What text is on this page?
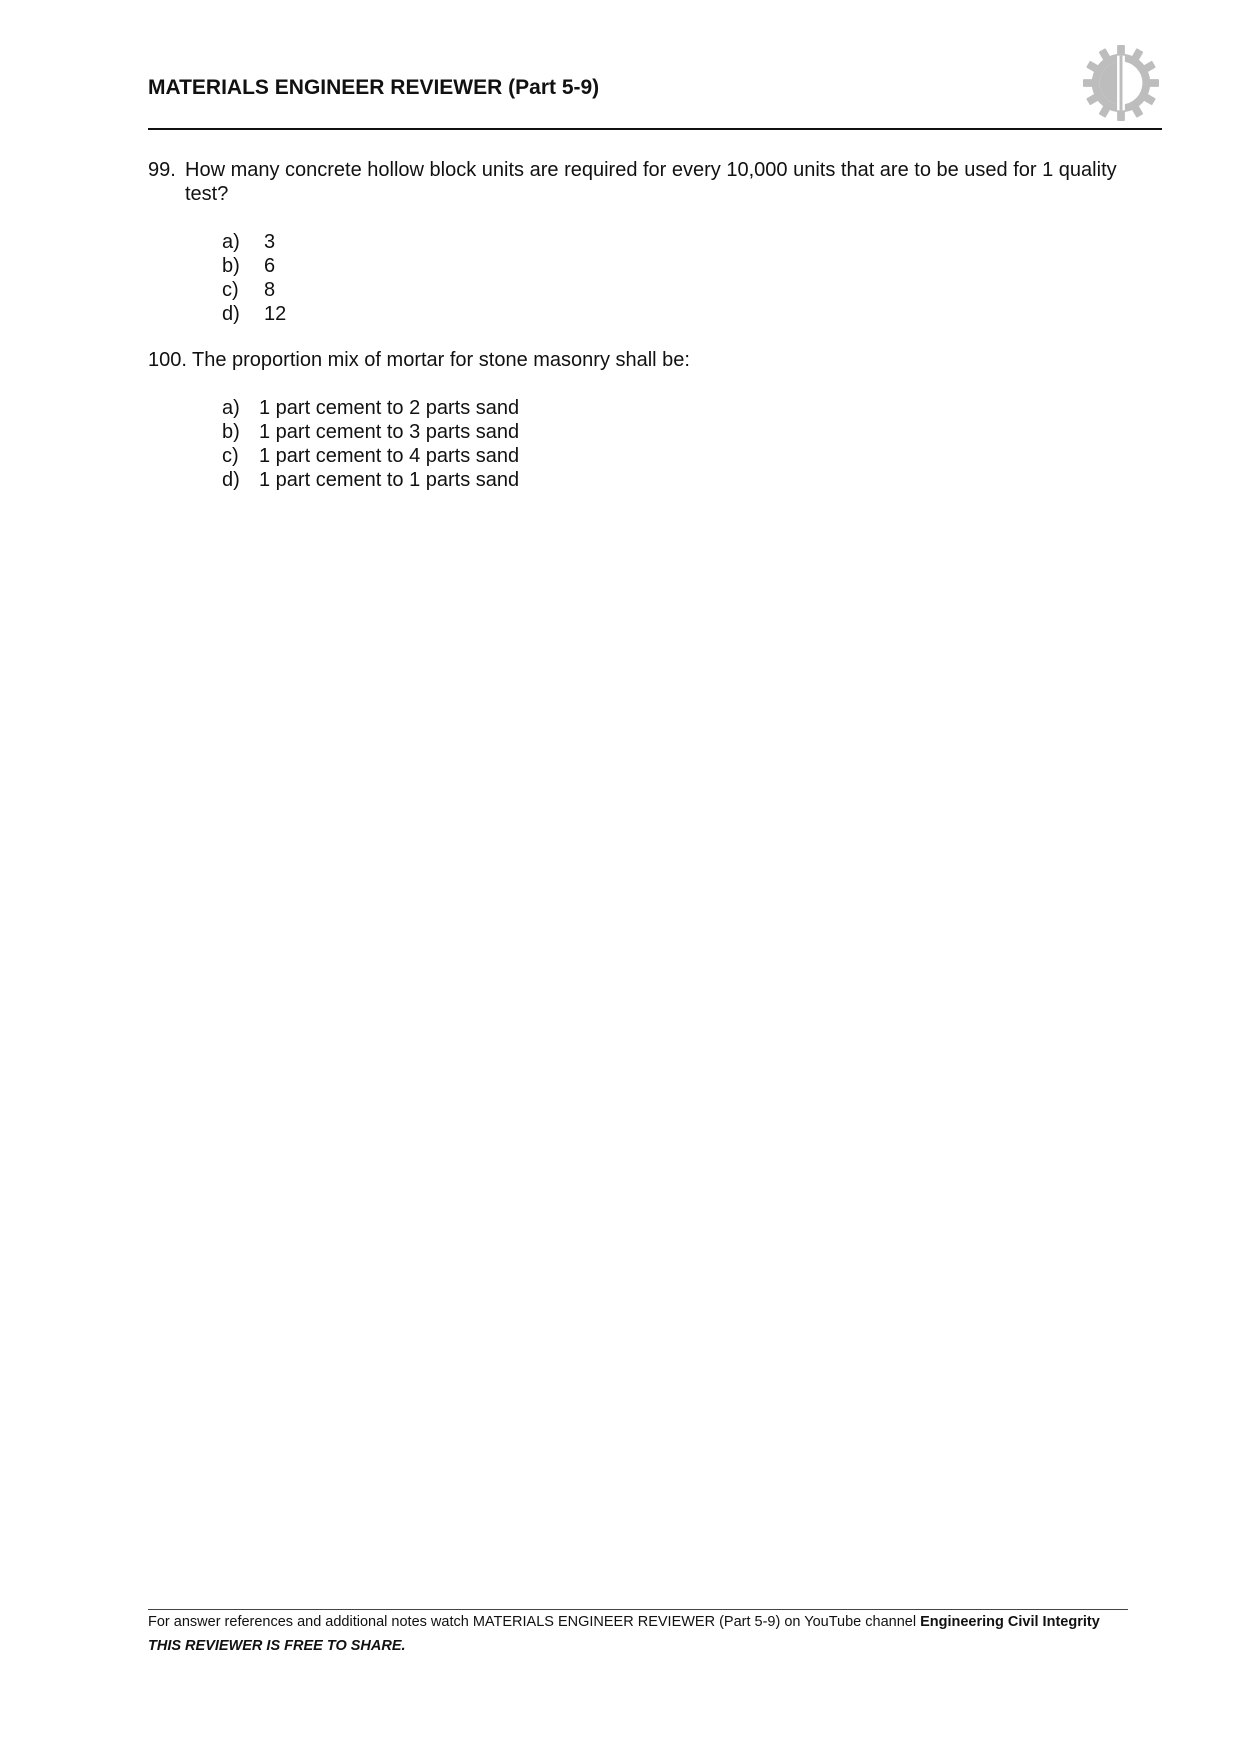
MATERIALS ENGINEER REVIEWER (Part 5-9)
99. How many concrete hollow block units are required for every 10,000 units that are to be used for 1 quality
test?
a) 3
b) 6
c) 8
d) 12
100. The proportion mix of mortar for stone masonry shall be:
a) 1 part cement to 2 parts sand
b) 1 part cement to 3 parts sand
c) 1 part cement to 4 parts sand
d) 1 part cement to 1 parts sand
For answer references and additional notes watch MATERIALS ENGINEER REVIEWER (Part 5-9) on YouTube channel Engineering Civil Integrity
THIS REVIEWER IS FREE TO SHARE.
